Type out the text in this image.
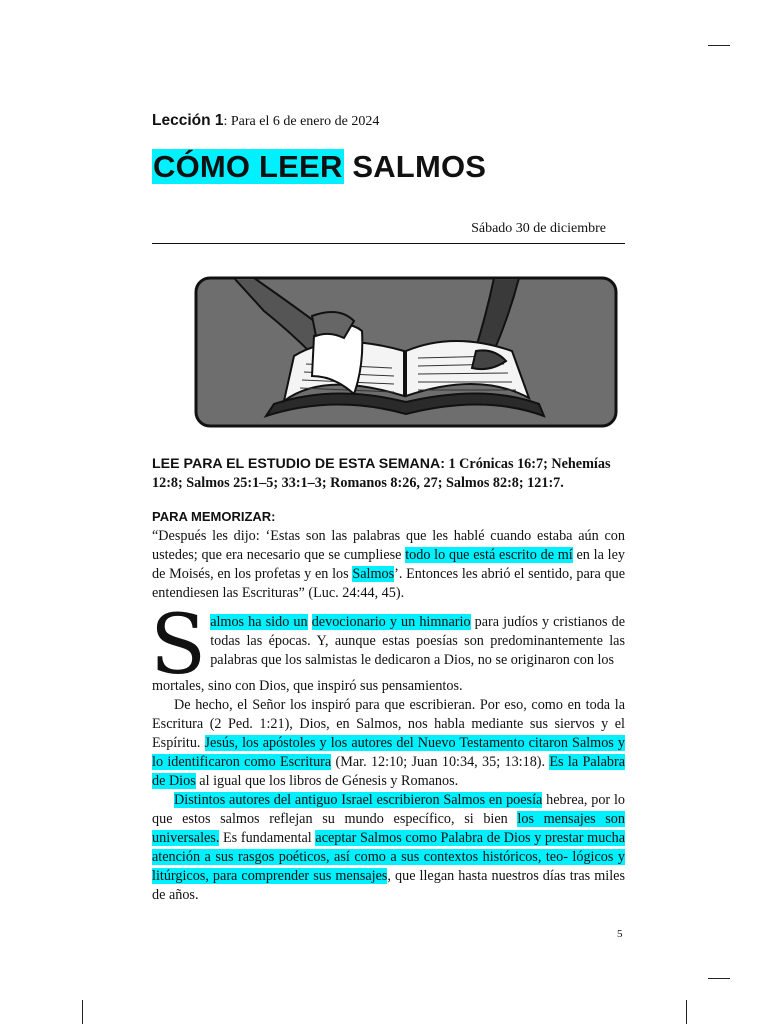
Lección 1: Para el 6 de enero de 2024
CÓMO LEER SALMOS
Sábado 30 de diciembre
LEE PARA EL ESTUDIO DE ESTA SEMANA: 1 Crónicas 16:7; Nehemías 12:8; Salmos 25:1–5; 33:1–3; Romanos 8:26, 27; Salmos 82:8; 121:7.
PARA MEMORIZAR:
“Después les dijo: ‘Estas son las palabras que les hablé cuando estaba aún con ustedes; que era necesario que se cumpliese todo lo que está escrito de mí en la ley de Moisés, en los profetas y en los Salmos’. Entonces les abrió el sentido, para que entendiesen las Escrituras” (Luc. 24:44, 45).

Salmos ha sido un devocionario y un himnario para judíos y cristianos de todas las épocas. Y, aunque estas poesías son predominantemente las palabras que los salmistas le dedicaron a Dios, no se originaron con los

mortales, sino con Dios, que inspiró sus pensamientos.

De hecho, el Señor los inspiró para que escribieran. Por eso, como en toda la Escritura (2 Ped. 1:21), Dios, en Salmos, nos habla mediante sus siervos y el Espíritu. Jesús, los apóstoles y los autores del Nuevo Testamento citaron Salmos y lo identificaron como Escritura (Mar. 12:10; Juan 10:34, 35; 13:18). Es la Palabra de Dios al igual que los libros de Génesis y Romanos.

Distintos autores del antiguo Israel escribieron Salmos en poesía hebrea, por lo que estos salmos reflejan su mundo específico, si bien los mensajes son universales. Es fundamental aceptar Salmos como Palabra de Dios y prestar mucha atención a sus rasgos poéticos, así como a sus contextos históricos, teo- lógicos y litúrgicos, para comprender sus mensajes, que llegan hasta nuestros días tras miles de años.

5
